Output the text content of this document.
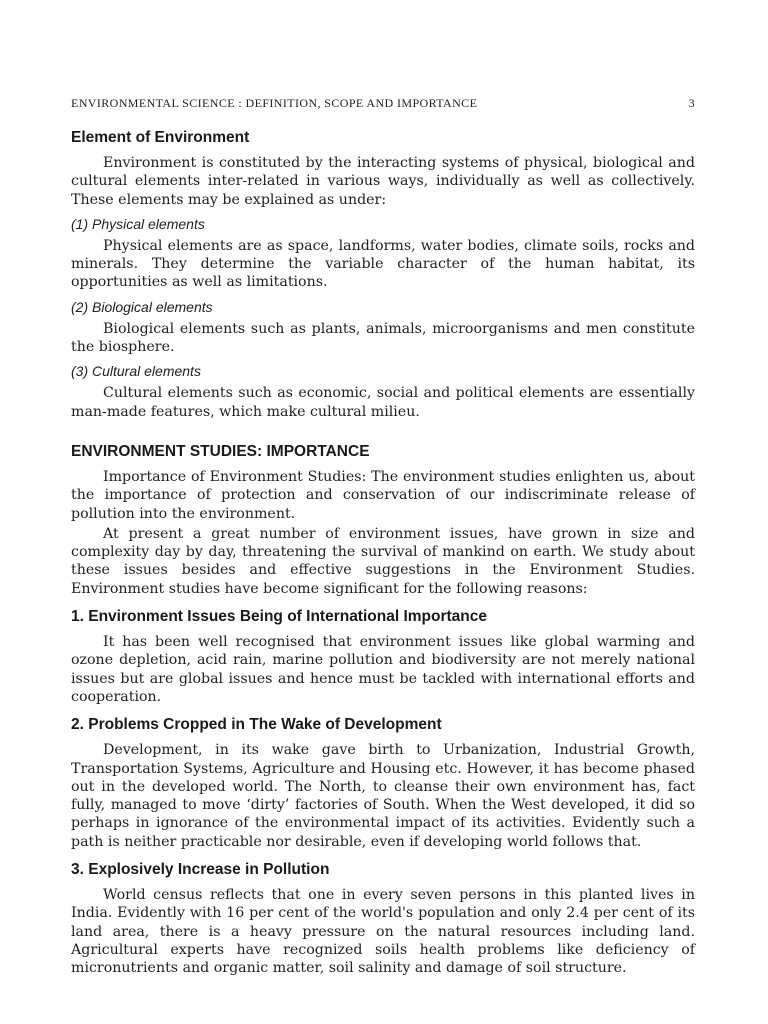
ENVIRONMENTAL SCIENCE : DEFINITION, SCOPE AND IMPORTANCE	3
Element of Environment

Environment is constituted by the interacting systems of physical, biological and cultural elements inter-related in various ways, individually as well as collectively. These elements may be explained as under:

(1) Physical elements

Physical elements are as space, landforms, water bodies, climate soils, rocks and minerals. They determine the variable character of the human habitat, its opportunities as well as limitations.

(2) Biological elements

Biological elements such as plants, animals, microorganisms and men constitute the biosphere.

(3) Cultural elements

Cultural elements such as economic, social and political elements are essentially man-made features, which make cultural milieu.

ENVIRONMENT STUDIES: IMPORTANCE

Importance of Environment Studies: The environment studies enlighten us, about the importance of protection and conservation of our indiscriminate release of pollution into the environment.

At present a great number of environment issues, have grown in size and complexity day by day, threatening the survival of mankind on earth. We study about these issues besides and effective suggestions in the Environment Studies. Environment studies have become significant for the following reasons:

1. Environment Issues Being of International Importance

It has been well recognised that environment issues like global warming and ozone depletion, acid rain, marine pollution and biodiversity are not merely national issues but are global issues and hence must be tackled with international efforts and cooperation.

2. Problems Cropped in The Wake of Development

Development, in its wake gave birth to Urbanization, Industrial Growth, Transportation Systems, Agriculture and Housing etc. However, it has become phased out in the developed world. The North, to cleanse their own environment has, fact fully, managed to move ‘dirty’ factories of South. When the West developed, it did so perhaps in ignorance of the environmental impact of its activities. Evidently such a path is neither practicable nor desirable, even if developing world follows that.

3. Explosively Increase in Pollution

World census reflects that one in every seven persons in this planted lives in India. Evidently with 16 per cent of the world's population and only 2.4 per cent of its land area, there is a heavy pressure on the natural resources including land. Agricultural experts have recognized soils health problems like deficiency of micronutrients and organic matter, soil salinity and damage of soil structure.
